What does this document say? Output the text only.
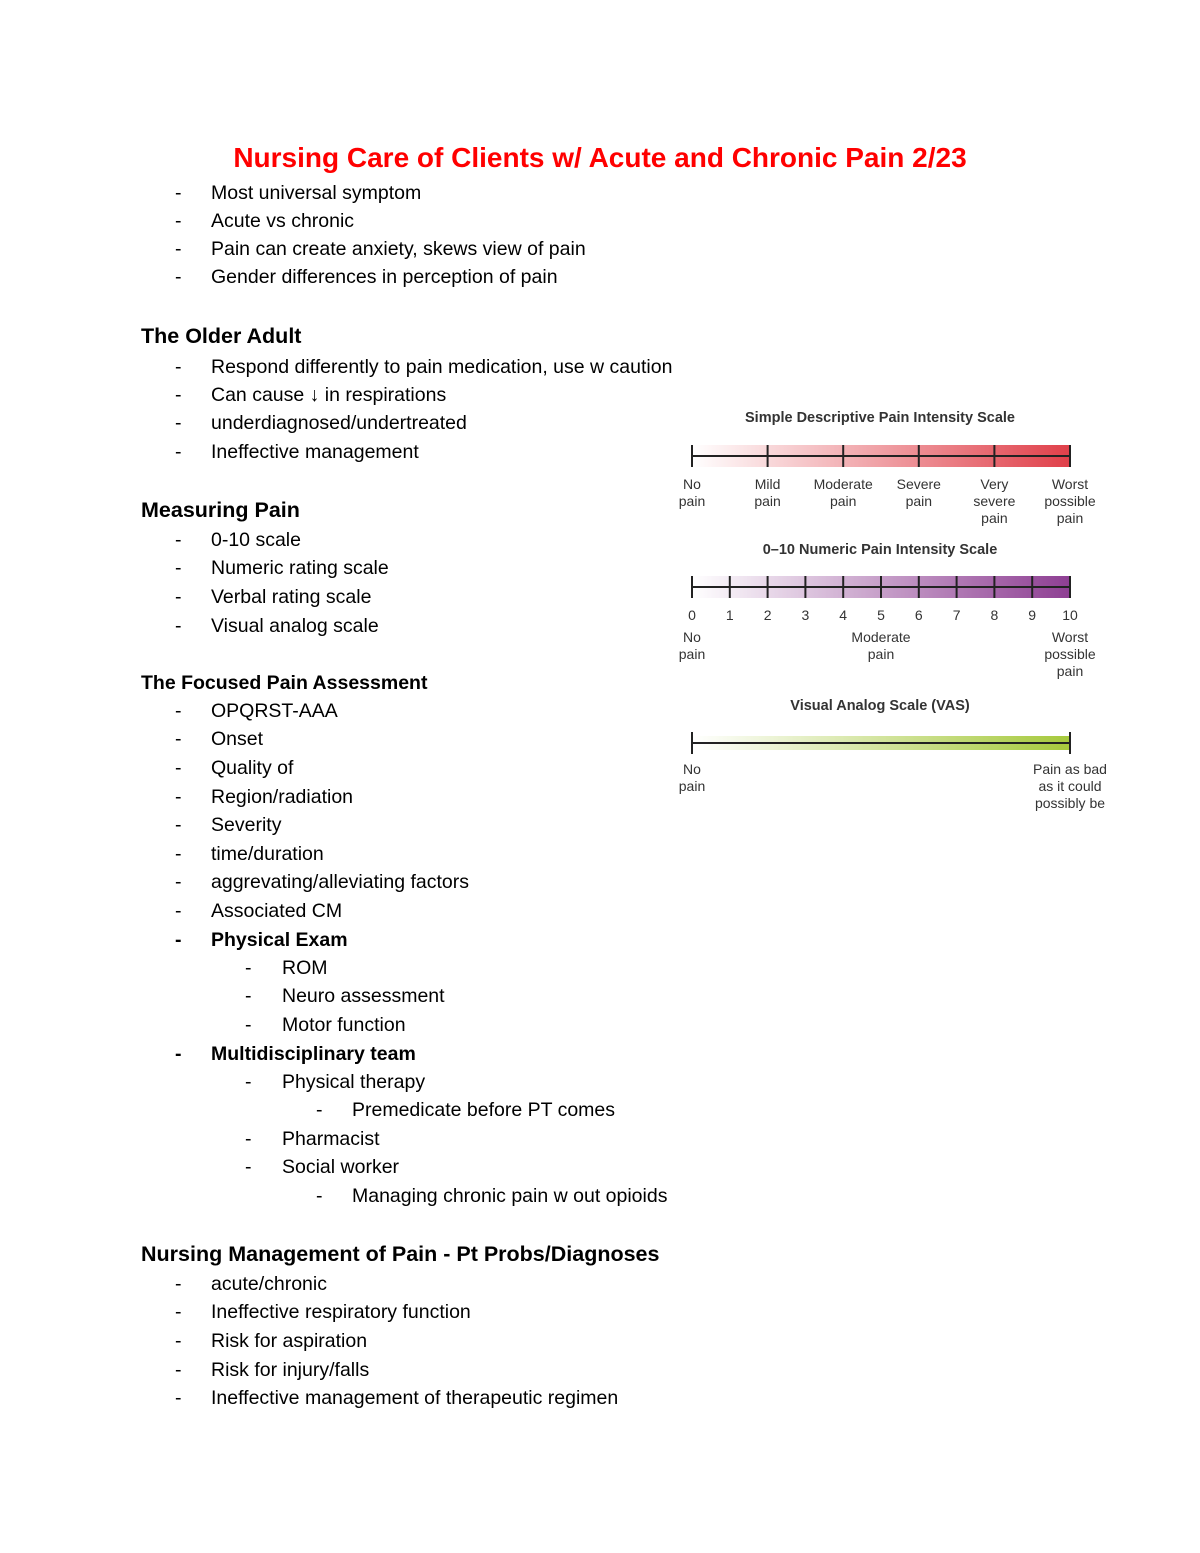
Nursing Care of Clients w/ Acute and Chronic Pain 2/23
- Most universal symptom
- Acute vs chronic
- Pain can create anxiety, skews view of pain
- Gender differences in perception of pain
The Older Adult
- Respond differently to pain medication, use w caution
- Can cause ↓ in respirations
- underdiagnosed/undertreated
- Ineffective management
Measuring Pain
- 0-10 scale
- Numeric rating scale
- Verbal rating scale
- Visual analog scale
The Focused Pain Assessment
- OPQRST-AAA
- Onset
- Quality of
- Region/radiation
- Severity
- time/duration
- aggrevating/alleviating factors
- Associated CM
- Physical Exam
- ROM
- Neuro assessment
- Motor function
- Multidisciplinary team
- Physical therapy
- Premedicate before PT comes
- Pharmacist
- Social worker
- Managing chronic pain w out opioids
Nursing Management of Pain - Pt Probs/Diagnoses
- acute/chronic
- Ineffective respiratory function
- Risk for aspiration
- Risk for injury/falls
- Ineffective management of therapeutic regimen
Simple Descriptive Pain Intensity Scale
No pain
Mild pain
Moderate pain
Severe pain
Very severe pain
Worst possible pain
0–10 Numeric Pain Intensity Scale
0 1 2 3 4 5 6 7 8 9 10
No pain
Moderate pain
Worst possible pain
Visual Analog Scale (VAS)
No pain
Pain as bad as it could possibly be
